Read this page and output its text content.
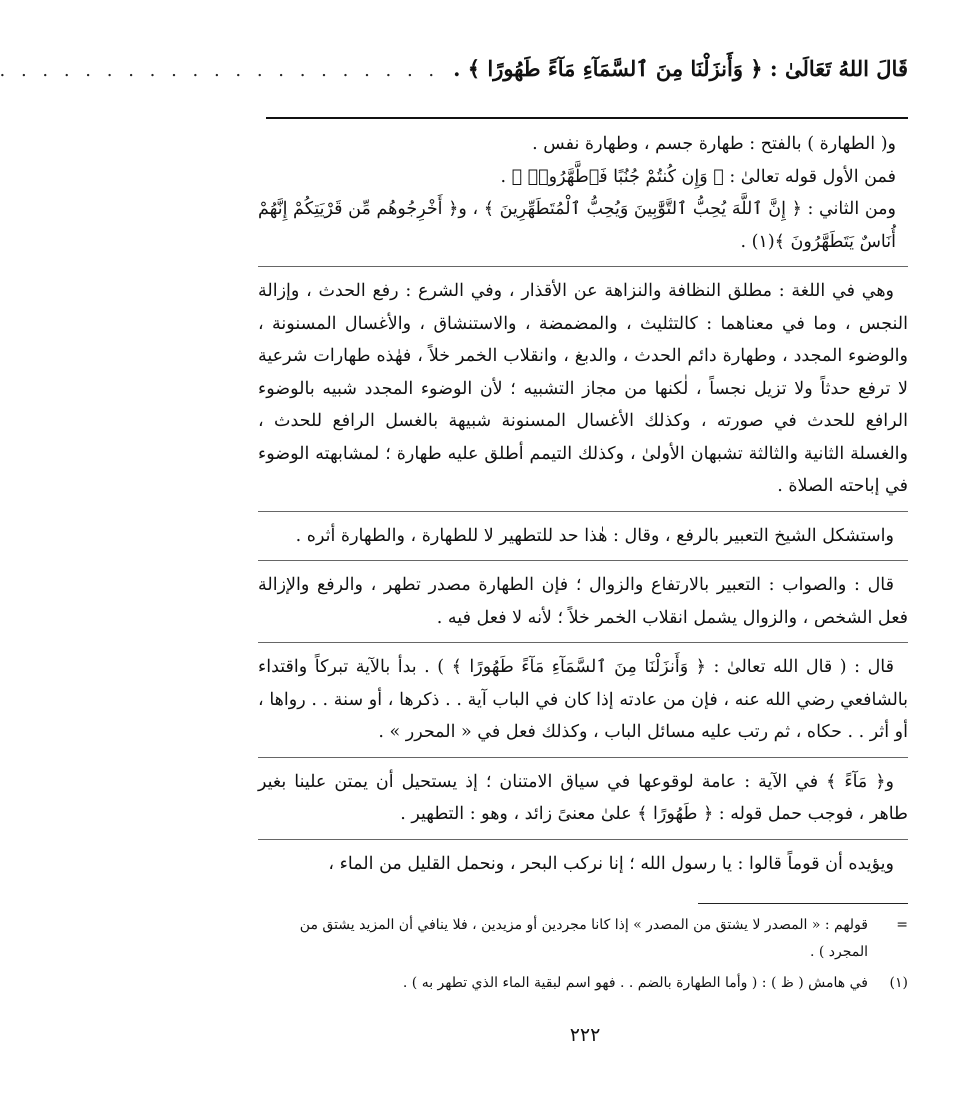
قَالَ اللهُ تَعَالَىٰ : ﴿ وَأَنزَلْنَا مِنَ ٱلسَّمَآءِ مَآءً طَهُورًا ﴾ .
. . . . . . . . . . . . . . . . . . . . .

و( الطهارة ) بالفتح : طهارة جسم ، وطهارة نفس .

فمن الأول قوله تعالىٰ : ﴿ وَإِن كُنتُمْ جُنُبًا فَٱطَّهَّرُوا۟ ﴾ .

ومن الثاني : ﴿ إِنَّ ٱللَّهَ يُحِبُّ ٱلتَّوَّٰبِينَ وَيُحِبُّ ٱلْمُتَطَهِّرِينَ ﴾ ، و﴿ أَخْرِجُوهُم مِّن قَرْيَتِكُمْ إِنَّهُمْ أُنَاسٌ يَتَطَهَّرُونَ ﴾(١) .

وهي في اللغة : مطلق النظافة والنزاهة عن الأقذار ، وفي الشرع : رفع الحدث ، وإزالة النجس ، وما في معناهما : كالتثليث ، والمضمضة ، والاستنشاق ، والأغسال المسنونة ، والوضوء المجدد ، وطهارة دائم الحدث ، والدبغ ، وانقلاب الخمر خلاً ، فهٰذه طهارات شرعية لا ترفع حدثاً ولا تزيل نجساً ، لٰكنها من مجاز التشبيه ؛ لأن الوضوء المجدد شبيه بالوضوء الرافع للحدث في صورته ، وكذلك الأغسال المسنونة شبيهة بالغسل الرافع للحدث ، والغسلة الثانية والثالثة تشبهان الأولىٰ ، وكذلك التيمم أطلق عليه طهارة ؛ لمشابهته الوضوء في إباحته الصلاة .

واستشكل الشيخ التعبير بالرفع ، وقال : هٰذا حد للتطهير لا للطهارة ، والطهارة أثره .

قال : والصواب : التعبير بالارتفاع والزوال ؛ فإن الطهارة مصدر تطهر ، والرفع والإزالة فعل الشخص ، والزوال يشمل انقلاب الخمر خلاً ؛ لأنه لا فعل فيه .

قال : ( قال الله تعالىٰ : ﴿ وَأَنزَلْنَا مِنَ ٱلسَّمَآءِ مَآءً طَهُورًا ﴾ ) . بدأ بالآية تبركاً واقتداء بالشافعي رضي الله عنه ، فإن من عادته إذا كان في الباب آية . . ذكرها ، أو سنة . . رواها ، أو أثر . . حكاه ، ثم رتب عليه مسائل الباب ، وكذلك فعل في « المحرر » .

و﴿ مَآءً ﴾ في الآية : عامة لوقوعها في سياق الامتنان ؛ إذ يستحيل أن يمتن علينا بغير طاهر ، فوجب حمل قوله : ﴿ طَهُورًا ﴾ علىٰ معنىً زائد ، وهو : التطهير .

ويؤيده أن قوماً قالوا : يا رسول الله ؛ إنا نركب البحر ، ونحمل القليل من الماء ،

=
قولهم : « المصدر لا يشتق من المصدر » إذا كانا مجردين أو مزيدين ، فلا ينافي أن المزيد يشتق من المجرد ) .
(١)
في هامش ( ظ ) : ( وأما الطهارة بالضم . . فهو اسم لبقية الماء الذي تطهر به ) .
٢٢٢
